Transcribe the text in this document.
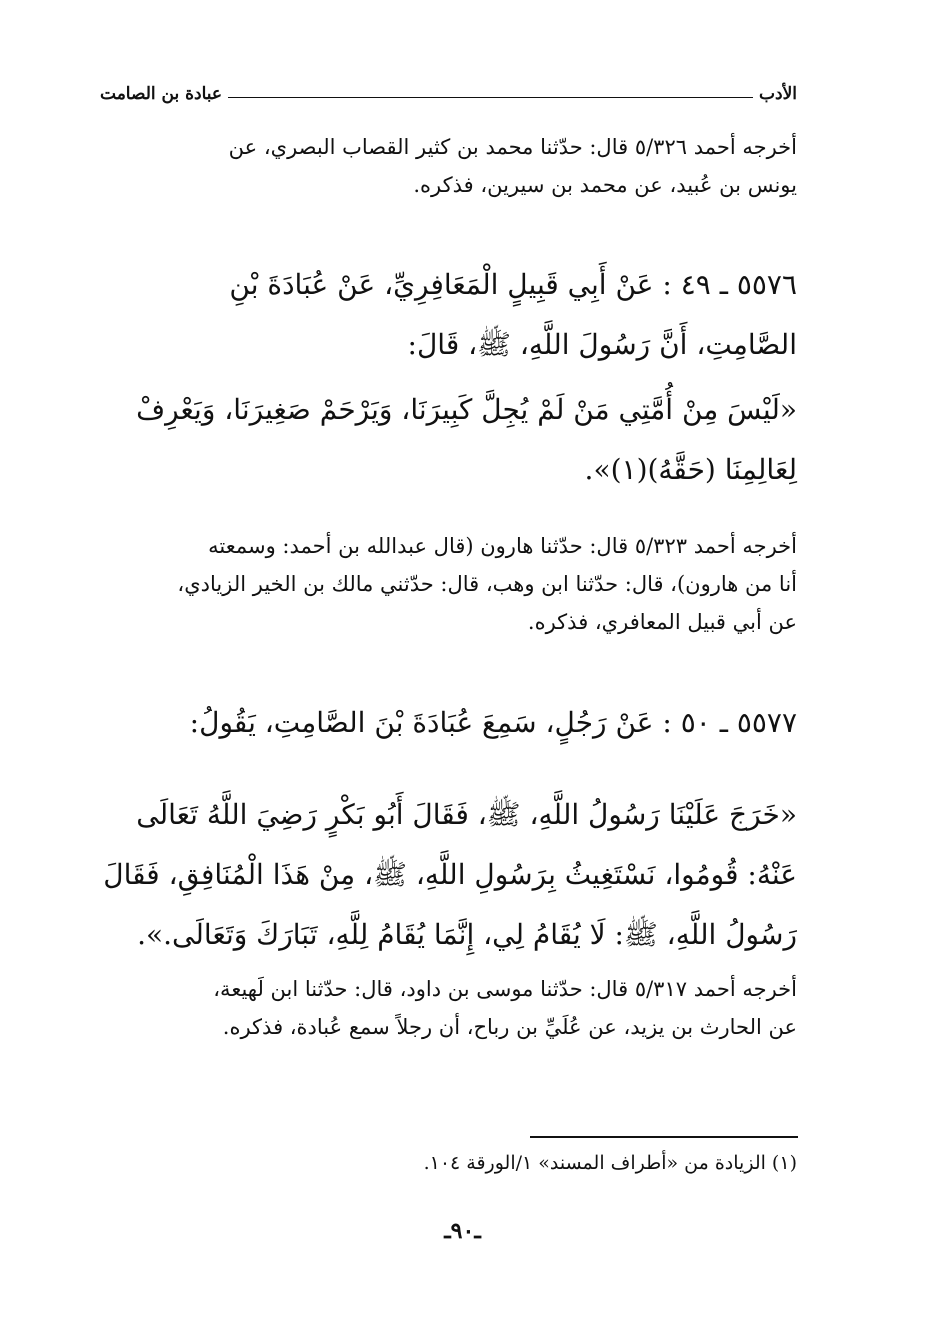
الأدب
عبادة بن الصامت
أخرجه أحمد ٥/٣٢٦ قال: حدّثنا محمد بن كثير القصاب البصري، عن
يونس بن عُبيد، عن محمد بن سيرين، فذكره.
٥٥٧٦ ـ ٤٩ : عَنْ أَبِي قَبِيلٍ الْمَعَافِرِيِّ، عَنْ عُبَادَةَ بْنِ
الصَّامِتِ، أَنَّ رَسُولَ اللَّهِ، ﷺ، قَالَ:
«لَيْسَ مِنْ أُمَّتِي مَنْ لَمْ يُجِلَّ كَبِيرَنَا، وَيَرْحَمْ صَغِيرَنَا، وَيَعْرِفْ
لِعَالِمِنَا (حَقَّهُ)(١)».
أخرجه أحمد ٥/٣٢٣ قال: حدّثنا هارون (قال عبدالله بن أحمد: وسمعته
أنا من هارون)، قال: حدّثنا ابن وهب، قال: حدّثني مالك بن الخير الزيادي،
عن أبي قبيل المعافري، فذكره.
٥٥٧٧ ـ ٥٠ : عَنْ رَجُلٍ، سَمِعَ عُبَادَةَ بْنَ الصَّامِتِ، يَقُولُ:
«خَرَجَ عَلَيْنَا رَسُولُ اللَّهِ، ﷺ، فَقَالَ أَبُو بَكْرٍ رَضِيَ اللَّهُ تَعَالَى
عَنْهُ: قُومُوا، نَسْتَغِيثُ بِرَسُولِ اللَّهِ، ﷺ، مِنْ هَذَا الْمُنَافِقِ، فَقَالَ
رَسُولُ اللَّهِ، ﷺ: لَا يُقَامُ لِي، إِنَّمَا يُقَامُ لِلَّهِ، تَبَارَكَ وَتَعَالَى.».
أخرجه أحمد ٥/٣١٧ قال: حدّثنا موسى بن داود، قال: حدّثنا ابن لَهيعة،
عن الحارث بن يزيد، عن عُلَيِّ بن رباح، أن رجلاً سمع عُبادة، فذكره.
(١) الزيادة من «أطراف المسند» ١/الورقة ١٠٤.
ـ٩٠ـ
